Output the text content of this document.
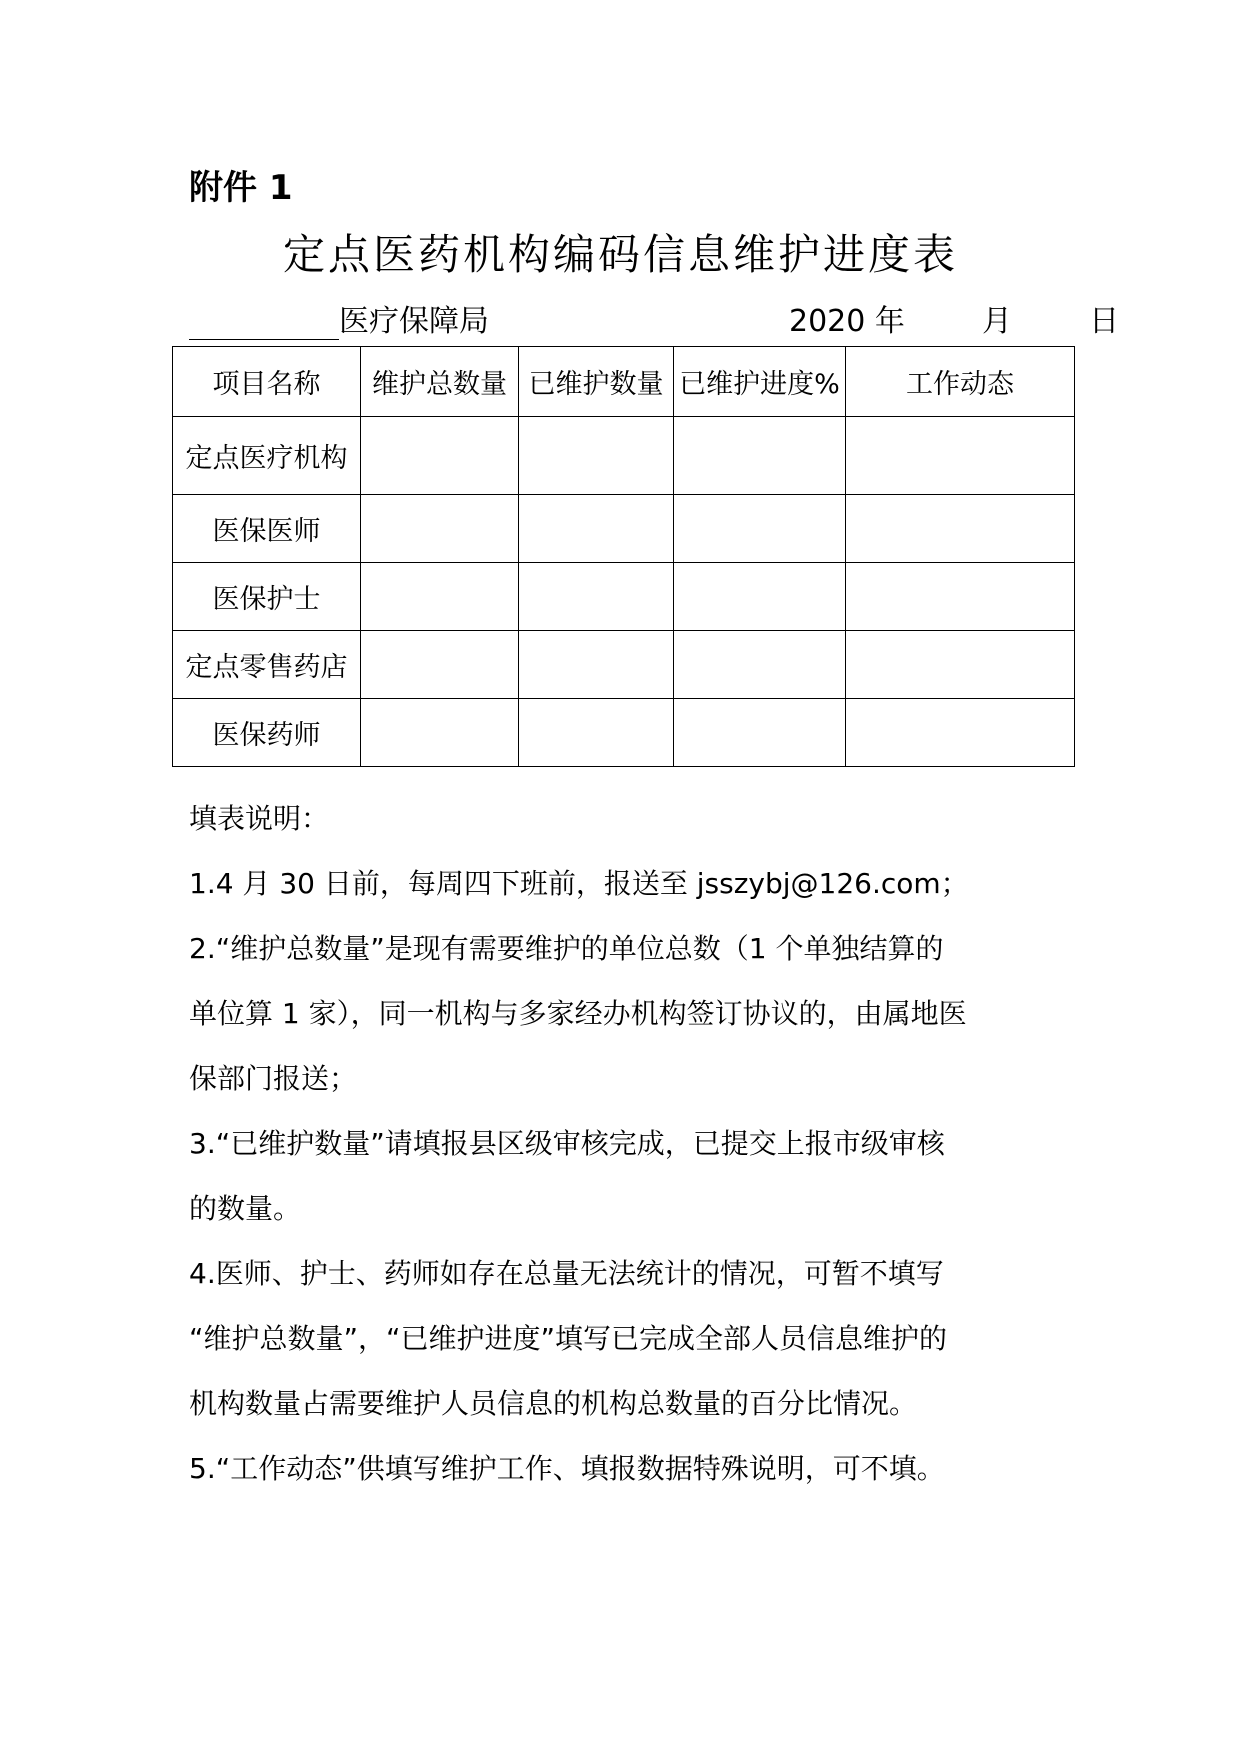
附件 1
定点医药机构编码信息维护进度表
医疗保障局	2020 年	月	日
项目名称	维护总数量	已维护数量	已维护进度%	工作动态
定点医疗机构				
医保医师				
医保护士				
定点零售药店				
医保药师				

填表说明：

1.4 月 30 日前，每周四下班前，报送至 jsszybj@126.com；

2.“维护总数量”是现有需要维护的单位总数（1 个单独结算的

单位算 1 家），同一机构与多家经办机构签订协议的，由属地医

保部门报送；

3.“已维护数量”请填报县区级审核完成，已提交上报市级审核

的数量。

4.医师、护士、药师如存在总量无法统计的情况，可暂不填写

“维护总数量”，“已维护进度”填写已完成全部人员信息维护的

机构数量占需要维护人员信息的机构总数量的百分比情况。

5.“工作动态”供填写维护工作、填报数据特殊说明，可不填。
